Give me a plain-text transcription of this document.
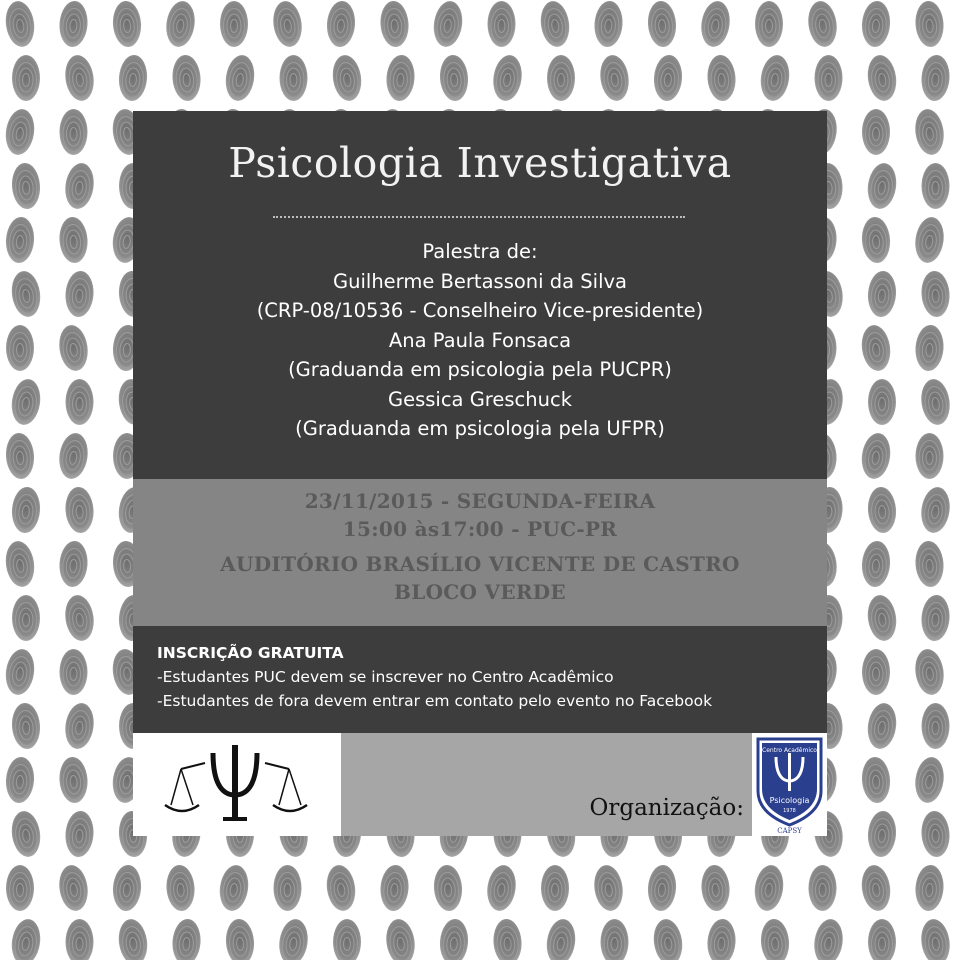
Psicologia Investigativa
Palestra de:
Guilherme Bertassoni da Silva
(CRP-08/10536 - Conselheiro Vice-presidente)
Ana Paula Fonsaca
(Graduanda em psicologia pela PUCPR)
Gessica Greschuck
(Graduanda em psicologia pela UFPR)
23/11/2015 - SEGUNDA-FEIRA
15:00 às17:00 - PUC-PR
AUDITÓRIO BRASÍLIO VICENTE DE CASTRO
BLOCO VERDE
INSCRIÇÃO GRATUITA
-Estudantes PUC devem se inscrever no Centro Acadêmico
-Estudantes de fora devem entrar em contato pelo evento no Facebook
Organização:
Centro Acadêmico
Psicologia
1978
CAPSY
